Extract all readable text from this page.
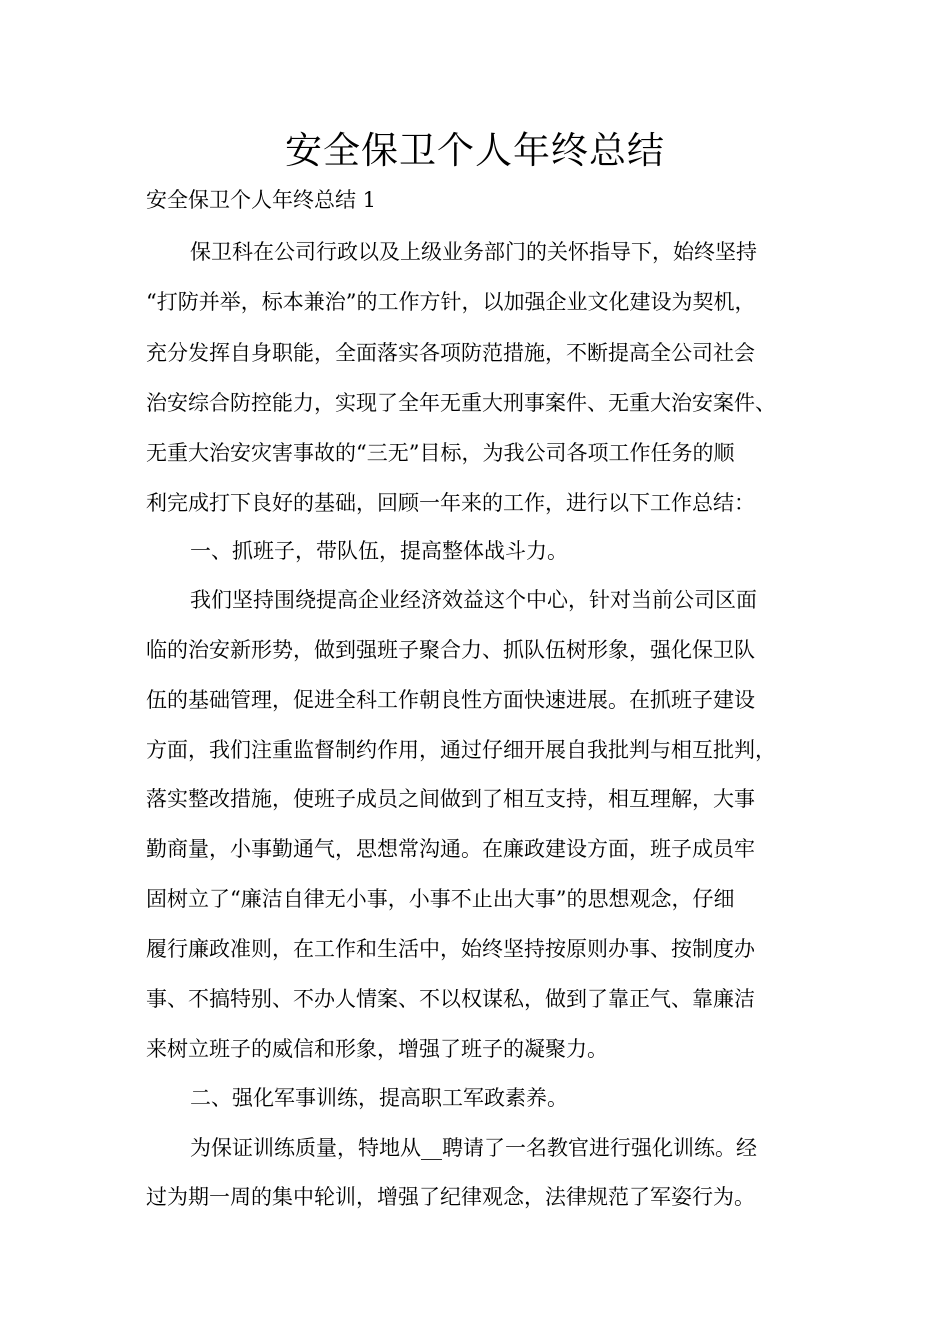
安全保卫个人年终总结
安全保卫个人年终总结 1
保卫科在公司行政以及上级业务部门的关怀指导下，始终坚持
“打防并举，标本兼治”的工作方针，以加强企业文化建设为契机，
充分发挥自身职能，全面落实各项防范措施，不断提高全公司社会
治安综合防控能力，实现了全年无重大刑事案件、无重大治安案件、
无重大治安灾害事故的“三无”目标，为我公司各项工作任务的顺
利完成打下良好的基础，回顾一年来的工作，进行以下工作总结：
一、抓班子，带队伍，提高整体战斗力。
我们坚持围绕提高企业经济效益这个中心，针对当前公司区面
临的治安新形势，做到强班子聚合力、抓队伍树形象，强化保卫队
伍的基础管理，促进全科工作朝良性方面快速进展。在抓班子建设
方面，我们注重监督制约作用，通过仔细开展自我批判与相互批判，
落实整改措施，使班子成员之间做到了相互支持，相互理解，大事
勤商量，小事勤通气，思想常沟通。在廉政建设方面，班子成员牢
固树立了“廉洁自律无小事，小事不止出大事”的思想观念，仔细
履行廉政准则，在工作和生活中，始终坚持按原则办事、按制度办
事、不搞特别、不办人情案、不以权谋私，做到了靠正气、靠廉洁
来树立班子的威信和形象，增强了班子的凝聚力。
二、强化军事训练，提高职工军政素养。
为保证训练质量，特地从__聘请了一名教官进行强化训练。经
过为期一周的集中轮训，增强了纪律观念，法律规范了军姿行为。
